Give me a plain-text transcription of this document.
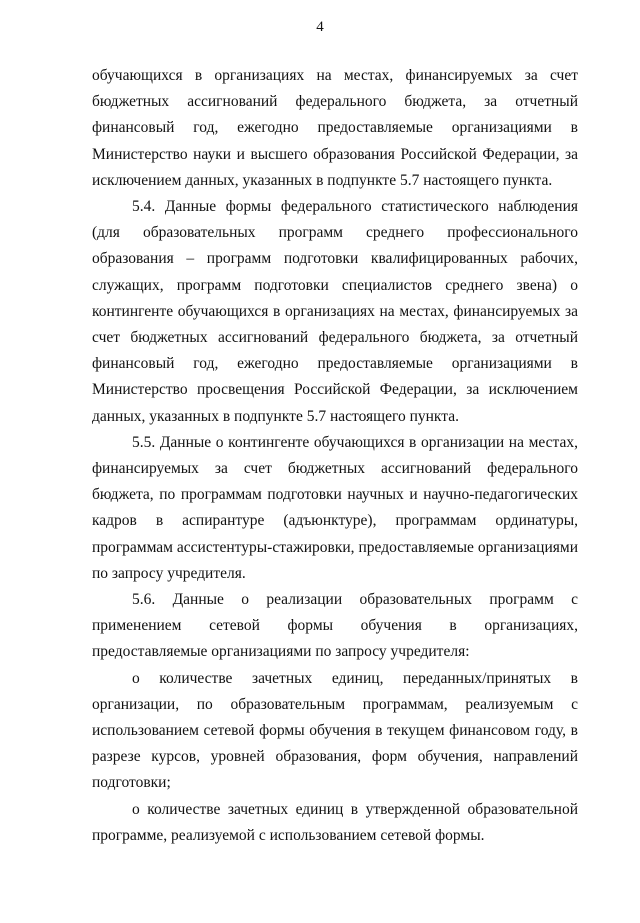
4

обучающихся в организациях на местах, финансируемых за счет бюджетных ассигнований федерального бюджета, за отчетный финансовый год, ежегодно предоставляемые организациями в Министерство науки и высшего образования Российской Федерации, за исключением данных, указанных в подпункте 5.7 настоящего пункта.

5.4. Данные формы федерального статистического наблюдения (для образовательных программ среднего профессионального образования – программ подготовки квалифицированных рабочих, служащих, программ подготовки специалистов среднего звена) о контингенте обучающихся в организациях на местах, финансируемых за счет бюджетных ассигнований федерального бюджета, за отчетный финансовый год, ежегодно предоставляемые организациями в Министерство просвещения Российской Федерации, за исключением данных, указанных в подпункте 5.7 настоящего пункта.

5.5. Данные о контингенте обучающихся в организации на местах, финансируемых за счет бюджетных ассигнований федерального бюджета, по программам подготовки научных и научно-педагогических кадров в аспирантуре (адъюнктуре), программам ординатуры, программам ассистентуры-стажировки, предоставляемые организациями по запросу учредителя.

5.6. Данные о реализации образовательных программ с применением сетевой формы обучения в организациях, предоставляемые организациями по запросу учредителя:

о количестве зачетных единиц, переданных/принятых в организации, по образовательным программам, реализуемым с использованием сетевой формы обучения в текущем финансовом году, в разрезе курсов, уровней образования, форм обучения, направлений подготовки;

о количестве зачетных единиц в утвержденной образовательной программе, реализуемой с использованием сетевой формы.
